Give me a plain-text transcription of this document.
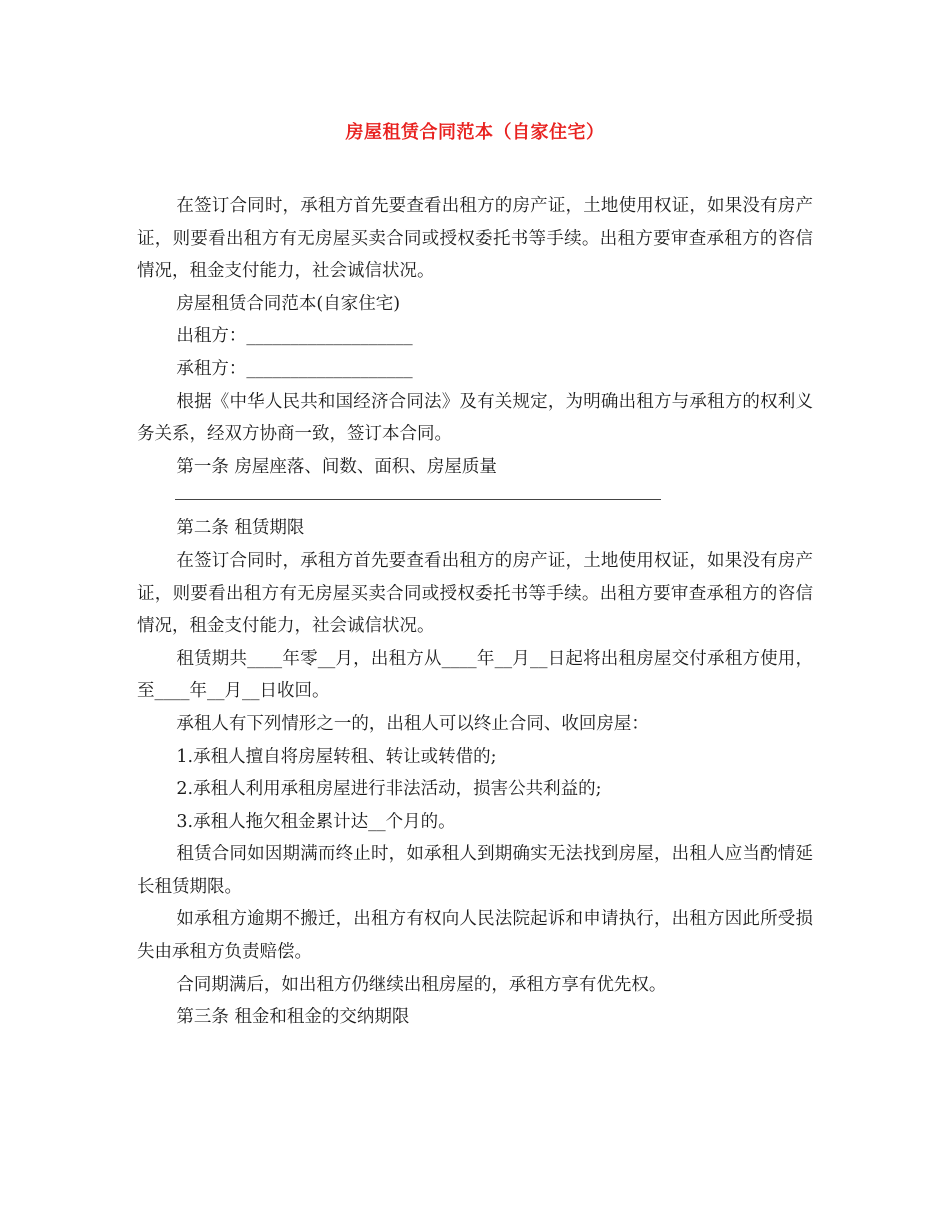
房屋租赁合同范本（自家住宅）

在签订合同时，承租方首先要查看出租方的房产证，土地使用权证，如果没有房产证，则要看出租方有无房屋买卖合同或授权委托书等手续。出租方要审查承租方的咨信情况，租金支付能力，社会诚信状况。

房屋租赁合同范本(自家住宅)

出租方：___________________

承租方：___________________

根据《中华人民共和国经济合同法》及有关规定，为明确出租方与承租方的权利义务关系，经双方协商一致，签订本合同。

第一条 房屋座落、间数、面积、房屋质量

第二条 租赁期限

在签订合同时，承租方首先要查看出租方的房产证，土地使用权证，如果没有房产证，则要看出租方有无房屋买卖合同或授权委托书等手续。出租方要审查承租方的咨信情况，租金支付能力，社会诚信状况。

租赁期共____年零__月，出租方从____年__月__日起将出租房屋交付承租方使用，至____年__月__日收回。

承租人有下列情形之一的，出租人可以终止合同、收回房屋：

1.承租人擅自将房屋转租、转让或转借的;

2.承租人利用承租房屋进行非法活动，损害公共利益的;

3.承租人拖欠租金累计达__个月的。

租赁合同如因期满而终止时，如承租人到期确实无法找到房屋，出租人应当酌情延长租赁期限。

如承租方逾期不搬迁，出租方有权向人民法院起诉和申请执行，出租方因此所受损失由承租方负责赔偿。

合同期满后，如出租方仍继续出租房屋的，承租方享有优先权。

第三条 租金和租金的交纳期限
